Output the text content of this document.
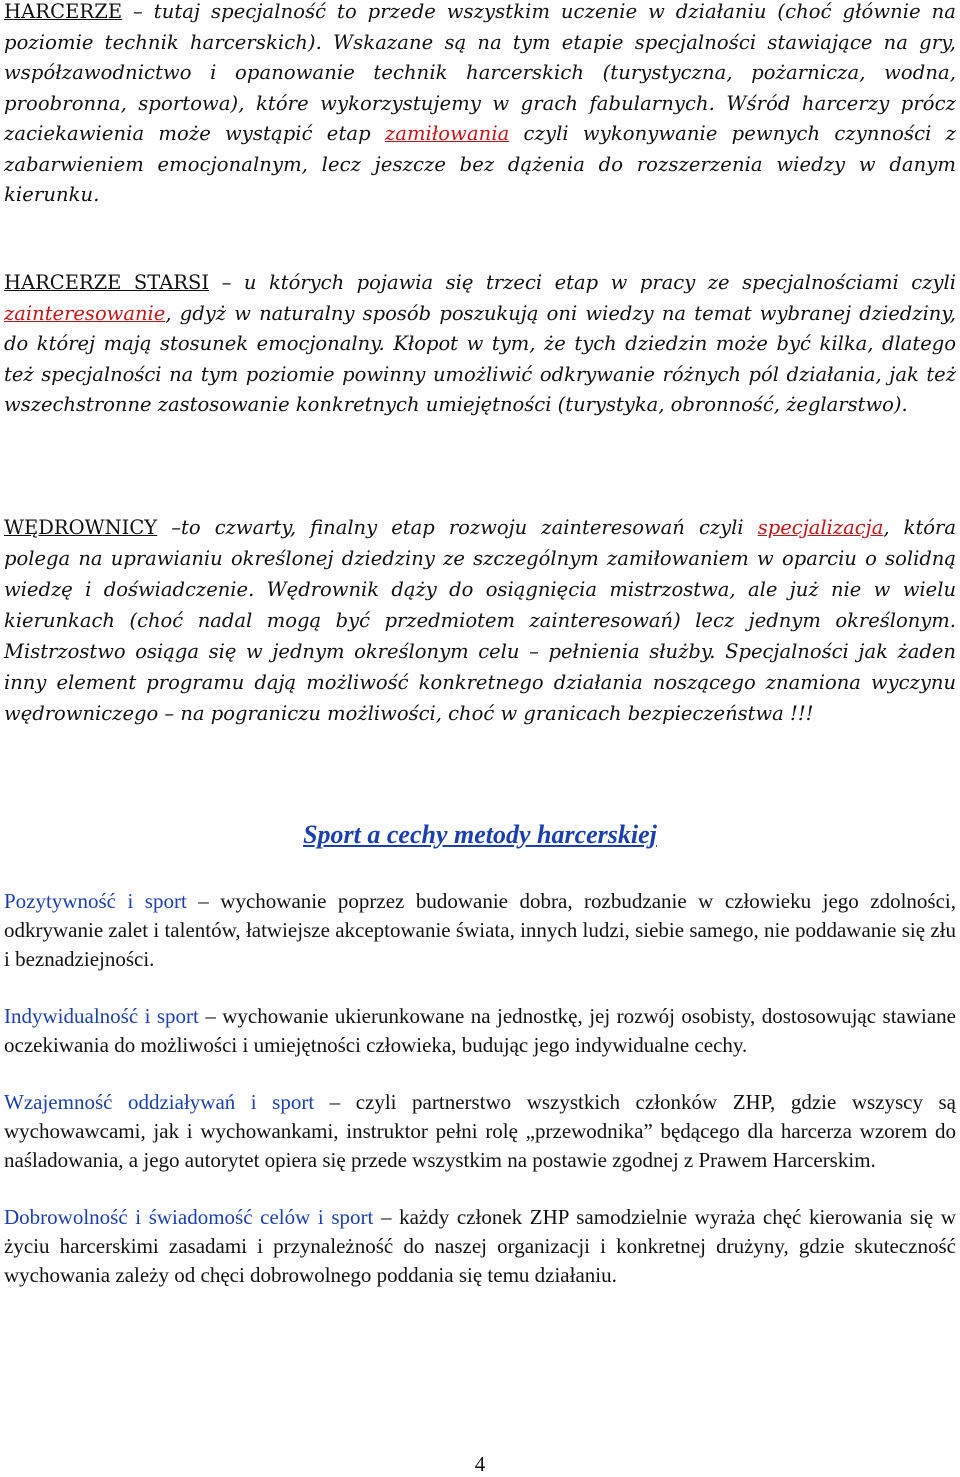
HARCERZE – tutaj specjalność to przede wszystkim uczenie w działaniu (choć głównie na poziomie technik harcerskich). Wskazane są na tym etapie specjalności stawiające na gry, współzawodnictwo i opanowanie technik harcerskich (turystyczna, pożarnicza, wodna, proobronna, sportowa), które wykorzystujemy w grach fabularnych. Wśród harcerzy prócz zaciekawienia może wystąpić etap zamiłowania czyli wykonywanie pewnych czynności z zabarwieniem emocjonalnym, lecz jeszcze bez dążenia do rozszerzenia wiedzy w danym kierunku.

HARCERZE STARSI – u których pojawia się trzeci etap w pracy ze specjalnościami czyli zainteresowanie, gdyż w naturalny sposób poszukują oni wiedzy na temat wybranej dziedziny, do której mają stosunek emocjonalny. Kłopot w tym, że tych dziedzin może być kilka, dlatego też specjalności na tym poziomie powinny umożliwić odkrywanie różnych pól działania, jak też wszechstronne zastosowanie konkretnych umiejętności (turystyka, obronność, żeglarstwo).

WĘDROWNICY –to czwarty, finalny etap rozwoju zainteresowań czyli specjalizacja, która polega na uprawianiu określonej dziedziny ze szczególnym zamiłowaniem w oparciu o solidną wiedzę i doświadczenie. Wędrownik dąży do osiągnięcia mistrzostwa, ale już nie w wielu kierunkach (choć nadal mogą być przedmiotem zainteresowań) lecz jednym określonym. Mistrzostwo osiąga się w jednym określonym celu – pełnienia służby. Specjalności jak żaden inny element programu dają możliwość konkretnego działania noszącego znamiona wyczynu wędrowniczego – na pograniczu możliwości, choć w granicach bezpieczeństwa !!!

Sport a cechy metody harcerskiej

Pozytywność i sport – wychowanie poprzez budowanie dobra, rozbudzanie w człowieku jego zdolności, odkrywanie zalet i talentów, łatwiejsze akceptowanie świata, innych ludzi, siebie samego, nie poddawanie się złu i beznadziejności.

Indywidualność i sport – wychowanie ukierunkowane na jednostkę, jej rozwój osobisty, dostosowując stawiane oczekiwania do możliwości i umiejętności człowieka, budując jego indywidualne cechy.

Wzajemność oddziaływań i sport – czyli partnerstwo wszystkich członków ZHP, gdzie wszyscy są wychowawcami, jak i wychowankami, instruktor pełni rolę „przewodnika” będącego dla harcerza wzorem do naśladowania, a jego autorytet opiera się przede wszystkim na postawie zgodnej z Prawem Harcerskim.

Dobrowolność i świadomość celów i sport – każdy członek ZHP samodzielnie wyraża chęć kierowania się w życiu harcerskimi zasadami i przynależność do naszej organizacji i konkretnej drużyny, gdzie skuteczność wychowania zależy od chęci dobrowolnego poddania się temu działaniu.

4
